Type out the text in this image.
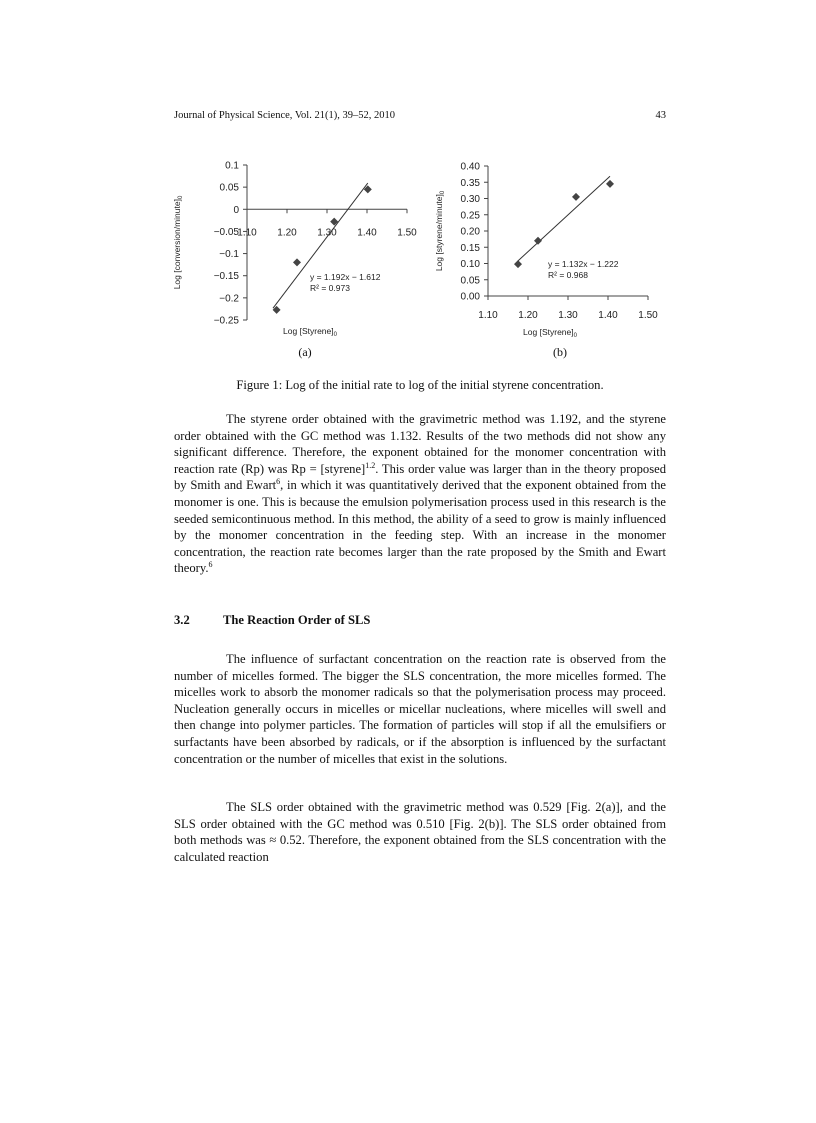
Journal of Physical Science, Vol. 21(1), 39–52, 2010	43
0.1
0.05
0
−0.05
−0.1
−0.15
−0.2
−0.25
1.10 1.20 1.30 1.40 1.50
y = 1.192x − 1.612
R² = 0.973
Log $[Styrene]_0$
Log $[conversion/minute]_0$
(a)
0.40
0.35
0.30
0.25
0.20
0.15
0.10
0.05
0.00
1.10 1.20 1.30 1.40 1.50
y = 1.132x − 1.222
R² = 0.968
Log $[Styrene]_0$
Log $[styrene/minute]_0$
(b)
Figure 1: Log of the initial rate to log of the initial styrene concentration.

The styrene order obtained with the gravimetric method was 1.192, and the styrene order obtained with the GC method was 1.132. Results of the two methods did not show any significant difference. Therefore, the exponent obtained for the monomer concentration with reaction rate (Rp) was Rp = [styrene]$^{1.2}$. This order value was larger than in the theory proposed by Smith and Ewart$^6$, in which it was quantitatively derived that the exponent obtained from the monomer is one. This is because the emulsion polymerisation process used in this research is the seeded semicontinuous method. In this method, the ability of a seed to grow is mainly influenced by the monomer concentration in the feeding step. With an increase in the monomer concentration, the reaction rate becomes larger than the rate proposed by the Smith and Ewart theory.$^6$

3.2	The Reaction Order of SLS

The influence of surfactant concentration on the reaction rate is observed from the number of micelles formed. The bigger the SLS concentration, the more micelles formed. The micelles work to absorb the monomer radicals so that the polymerisation process may proceed. Nucleation generally occurs in micelles or micellar nucleations, where micelles will swell and then change into polymer particles. The formation of particles will stop if all the emulsifiers or surfactants have been absorbed by radicals, or if the absorption is influenced by the surfactant concentration or the number of micelles that exist in the solutions.

The SLS order obtained with the gravimetric method was 0.529 [Fig. 2(a)], and the SLS order obtained with the GC method was 0.510 [Fig. 2(b)]. The SLS order obtained from both methods was ≈ 0.52. Therefore, the exponent obtained from the SLS concentration with the calculated reaction
